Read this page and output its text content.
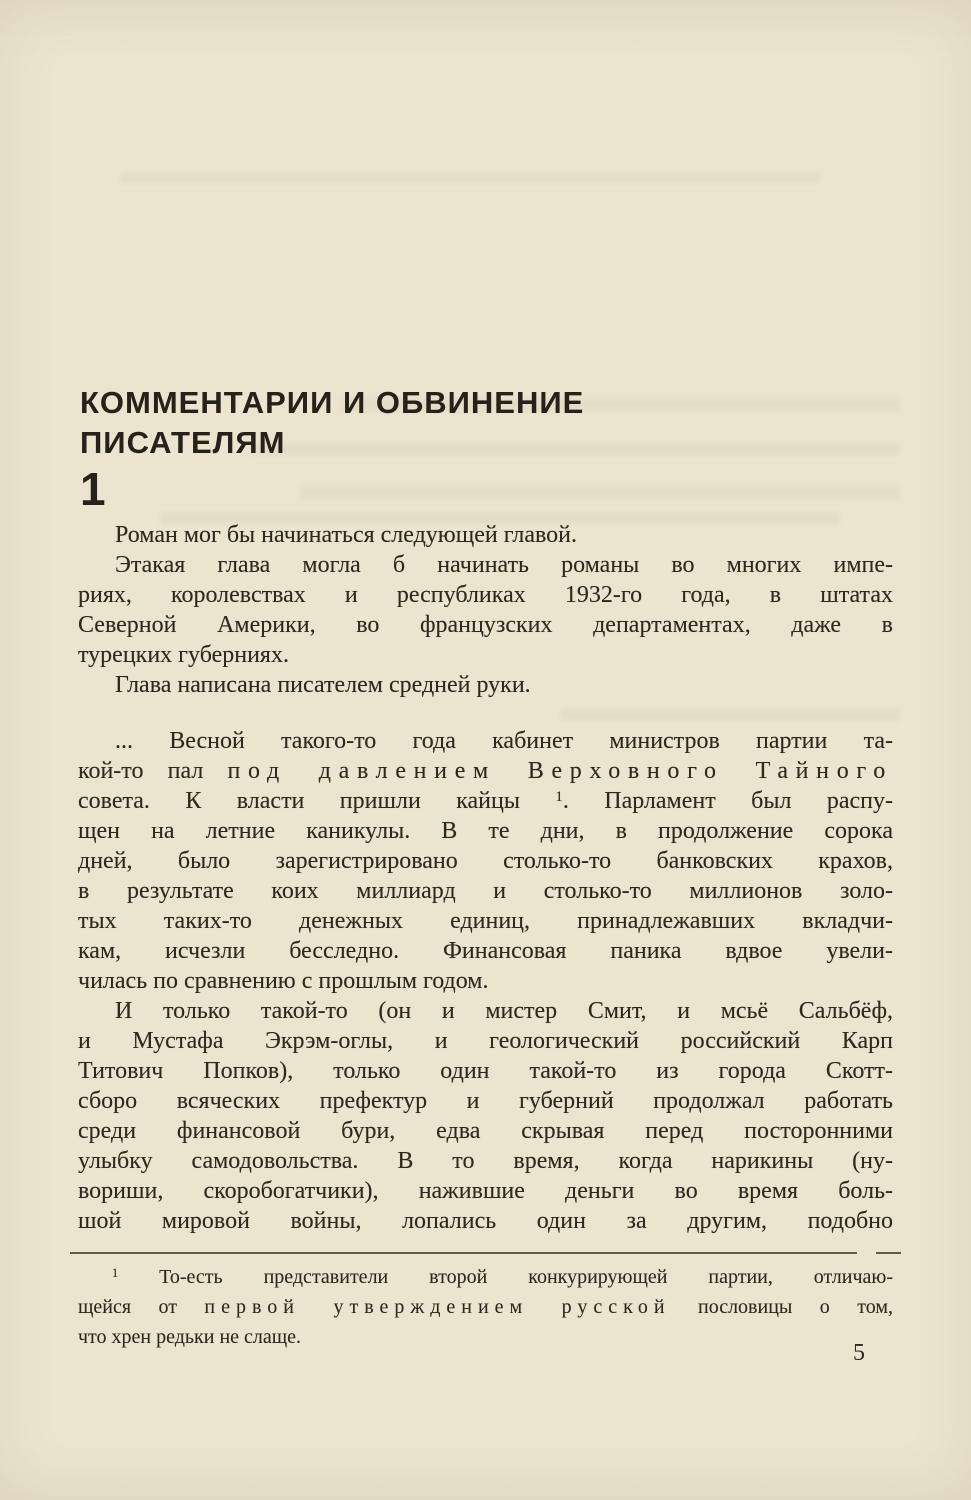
КОММЕНТАРИИ И ОБВИНЕНИЕ
ПИСАТЕЛЯМ
1
Роман мог бы начинаться следующей главой.
Этакая глава могла б начинать романы во многих импе-
риях, королевствах и республиках 1932-го года, в штатах
Северной Америки, во французских департаментах, даже в
турецких губерниях.
Глава написана писателем средней руки.
... Весной такого-то года кабинет министров партии та-
кой-то пал под давлением Верховного Тайного
совета. К власти пришли кайцы $^1$. Парламент был распу-
щен на летние каникулы. В те дни, в продолжение сорока
дней, было зарегистрировано столько-то банковских крахов,
в результате коих миллиард и столько-то миллионов золо-
тых таких-то денежных единиц, принадлежавших вкладчи-
кам, исчезли бесследно. Финансовая паника вдвое увели-
чилась по сравнению с прошлым годом.
И только такой-то (он и мистер Смит, и мсьё Сальбёф,
и Мустафа Экрэм-оглы, и геологический российский Карп
Титович Попков), только один такой-то из города Скотт-
сборо всяческих префектур и губерний продолжал работать
среди финансовой бури, едва скрывая перед посторонними
улыбку самодовольства. В то время, когда нарикины (ну-
вориши, скоробогатчики), нажившие деньги во время боль-
шой мировой войны, лопались один за другим, подобно
$^1$ То-есть представители второй конкурирующей партии, отличаю-
щейся от первой утверждением русской пословицы о том,
что хрен редьки не слаще.
5
